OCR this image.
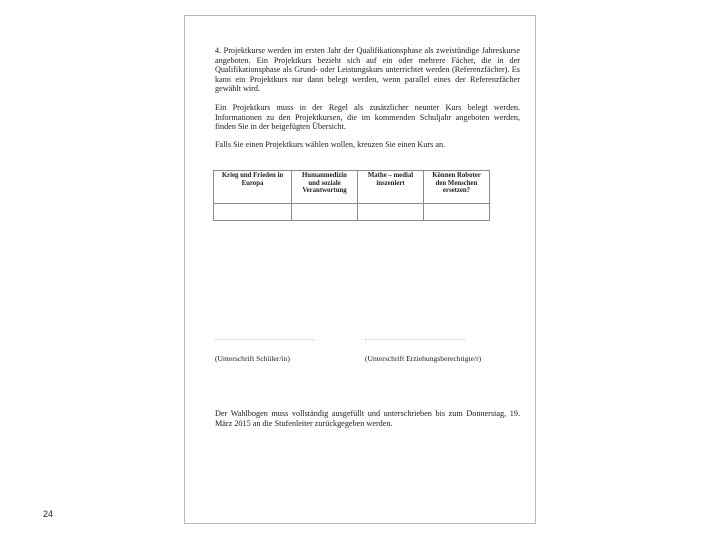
4. Projektkurse werden im ersten Jahr der Qualifikationsphase als zweistündige Jahreskurse angeboten. Ein Projektkurs bezieht sich auf ein oder mehrere Fächer, die in der Qualifikationsphase als Grund- oder Leistungskurs unterrichtet werden (Referenzfächer). Es kann ein Projektkurs nur dann belegt werden, wenn parallel eines der Referenzfächer gewählt wird.

Ein Projektkurs muss in der Regel als zusätzlicher neunter Kurs belegt werden. Informationen zu den Projektkursen, die im kommenden Schuljahr angeboten werden, finden Sie in der beigefügten Übersicht.

Falls Sie einen Projektkurs wählen wollen, kreuzen Sie einen Kurs an.

Krieg und Frieden in Europa	Humanmedizin und soziale Verantwortung	Mathe – medial inszeniert	Können Roboter den Menschen ersetzen?

(Unterschrift Schüler/in)	(Unterschrift Erziehungsberechtigte/r)

Der Wahlbogen muss vollständig ausgefüllt und unterschrieben bis zum Donnerstag, 19. März 2015 an die Stufenleiter zurückgegeben werden.

24
